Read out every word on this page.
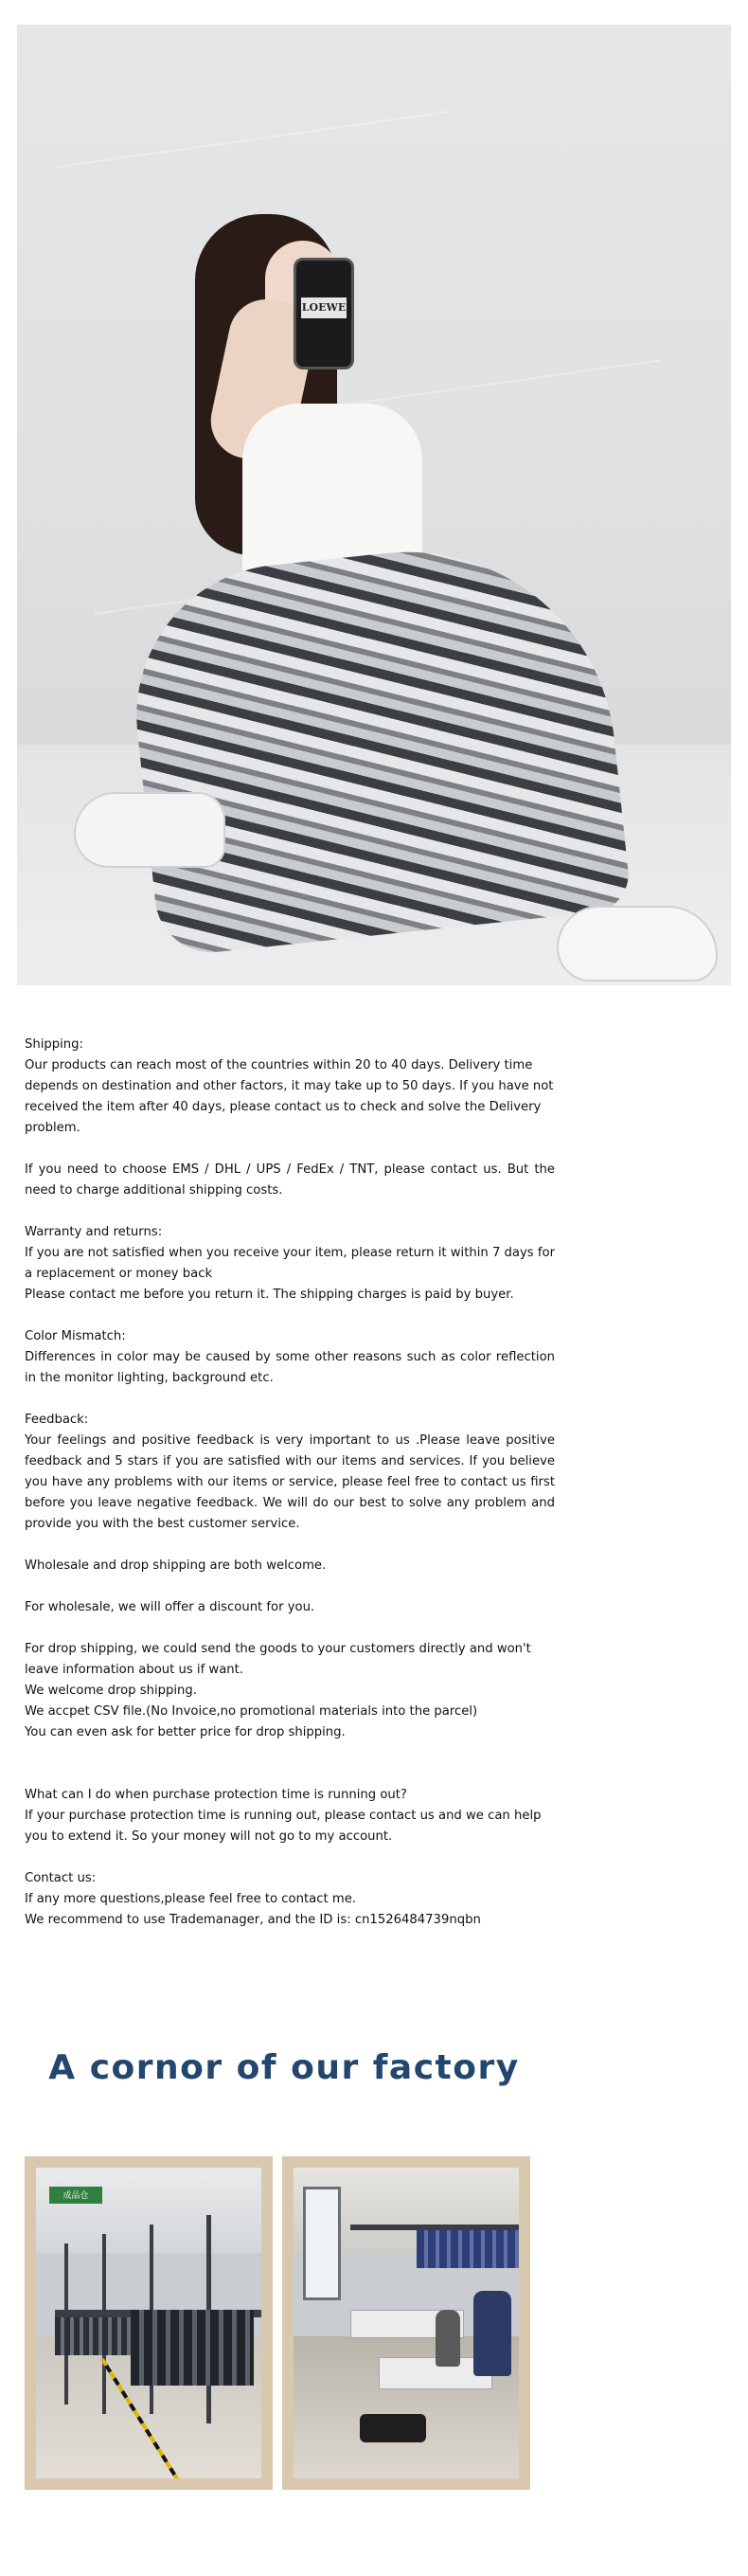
LOEWE

Shipping:
Our products can reach most of the countries within 20 to 40 days. Delivery time depends on destination and other factors, it may take up to 50 days. If you have not received the item after 40 days, please contact us to check and solve the Delivery problem.

If you need to choose EMS / DHL / UPS / FedEx / TNT, please contact us. But the need to charge additional shipping costs.

Warranty and returns:
If you are not satisfied when you receive your item, please return it within 7 days for a replacement or money back
Please contact me before you return it. The shipping charges is paid by buyer.

Color Mismatch:
Differences in color may be caused by some other reasons such as color reflection in the monitor lighting, background etc.

Feedback:
Your feelings and positive feedback is very important to us .Please leave positive feedback and 5 stars if you are satisfied with our items and services. If you believe you have any problems with our items or service, please feel free to contact us first before you leave negative feedback. We will do our best to solve any problem and provide you with the best customer service.

Wholesale and drop shipping are both welcome.

For wholesale, we will offer a discount for you.

For drop shipping, we could send the goods to your customers directly and won't leave information about us if want.
We welcome drop shipping.
We accpet CSV file.(No Invoice,no promotional materials into the parcel)
You can even ask for better price for drop shipping.

What can I do when purchase protection time is running out?
If your purchase protection time is running out, please contact us and we can help you to extend it. So your money will not go to my account.

Contact us:
If any more questions,please feel free to contact me.
We recommend to use Trademanager, and the ID is: cn1526484739nqbn

A cornor of our factory
成品仓
